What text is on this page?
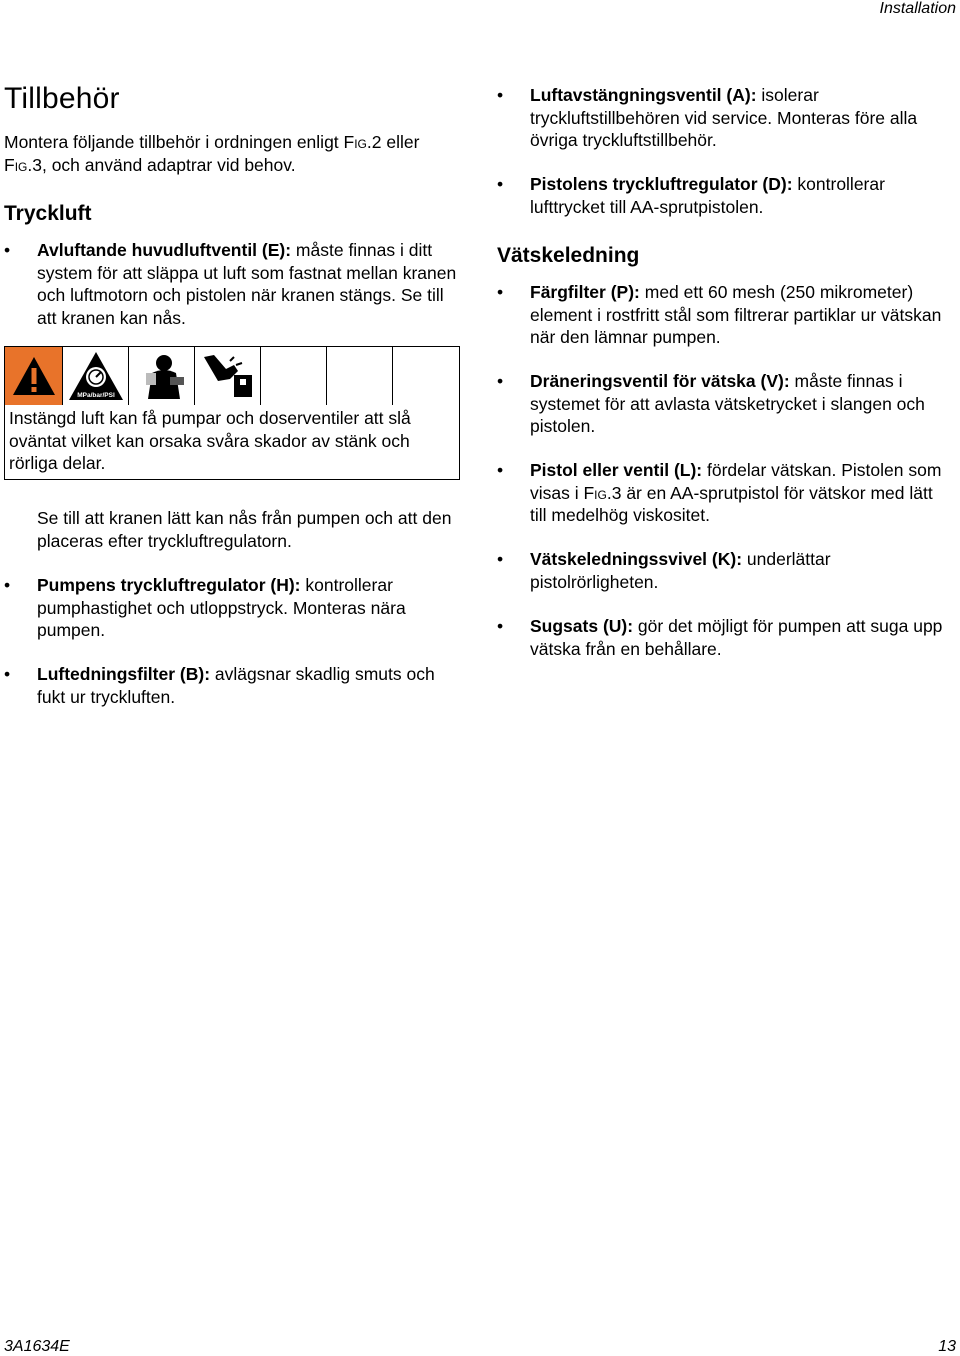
Installation
Tillbehör
Montera följande tillbehör i ordningen enligt Fig.2 eller Fig.3, och använd adaptrar vid behov.
Tryckluft
•	Avluftande huvudluftventil (E): måste finnas i ditt system för att släppa ut luft som fastnat mellan kranen och luftmotorn och pistolen när kranen stängs. Se till att kranen kan nås.
MPa/bar/PSI
Instängd luft kan få pumpar och doserventiler att slå oväntat vilket kan orsaka svåra skador av stänk och rörliga delar.
Se till att kranen lätt kan nås från pumpen och att den placeras efter tryckluftregulatorn.
•	Pumpens tryckluftregulator (H): kontrollerar pumphastighet och utloppstryck. Monteras nära pumpen.
•	Luftedningsfilter (B): avlägsnar skadlig smuts och fukt ur tryckluften.
•	Luftavstängningsventil (A): isolerar tryckluftstillbehören vid service. Monteras före alla övriga tryckluftstillbehör.
•	Pistolens tryckluftregulator (D): kontrollerar lufttrycket till AA-sprutpistolen.
Vätskeledning
•	Färgfilter (P): med ett 60 mesh (250 mikrometer) element i rostfritt stål som filtrerar partiklar ur vätskan när den lämnar pumpen.
•	Dräneringsventil för vätska (V): måste finnas i systemet för att avlasta vätsketrycket i slangen och pistolen.
•	Pistol eller ventil (L): fördelar vätskan. Pistolen som visas i Fig.3 är en AA-sprutpistol för vätskor med lätt till medelhög viskositet.
•	Vätskeledningssvivel (K): underlättar pistolrörligheten.
•	Sugsats (U): gör det möjligt för pumpen att suga upp vätska från en behållare.
3A1634E	13
